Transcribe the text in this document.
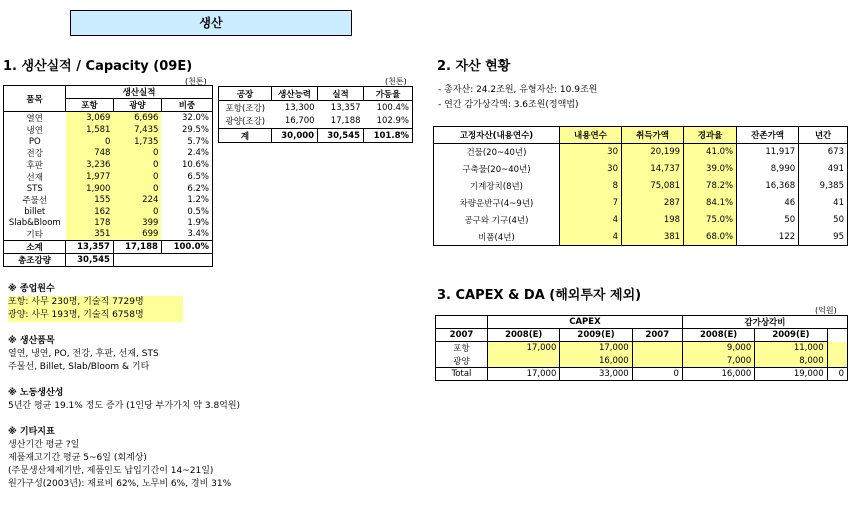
생산
1. 생산실적 / Capacity (09E)
(천톤)
품목	생산실적		
	포항	광양	비중
열연	3,069	6,696	32.0%
냉연	1,581	7,435	29.5%
PO	0	1,735	5.7%
전강	748	0	2.4%
후판	3,236	0	10.6%
선재	1,977	0	6.5%
STS	1,900	0	6.2%
주물선	155	224	1.2%
billet	162	0	0.5%
Slab&Bloom	178	399	1.9%
기타	351	699	3.4%
소계	13,357	17,188	100.0%
총조강량	30,545		
(천톤)
공장	생산능력	실적	가동율
포항(조강)	13,300	13,357	100.4%
광양(조강)	16,700	17,188	102.9%
계	30,000	30,545	101.8%
※ 종업원수
포항: 사무 230명, 기술직 7729명
광양: 사무 193명, 기술직 6758명
※ 생산품목
열연, 냉연, PO, 전강, 후판, 선재, STS
주물선, Billet, Slab/Bloom & 기타
※ 노동생산성
5년간 평균 19.1% 정도 증가 (1인당 부가가치 약 3.8억원)
※ 기타지표
생산기간 평균 ?일
제품재고기간 평균 5~6일 (회계상)
(주문생산체제기반, 제품인도 납입기간이 14~21일)
원가구성(2003년): 재료비 62%, 노무비 6%, 경비 31%
2. 자산 현황
- 총자산: 24.2조원, 유형자산: 10.9조원
- 연간 감가상각액: 3.6조원(정액법)
고정자산(내용연수)	내용연수	취득가액	경과율	잔존가액	년간
건물(20~40년)	30	20,199	41.0%	11,917	673
구축물(20~40년)	30	14,737	39.0%	8,990	491
기계장치(8년)	8	75,081	78.2%	16,368	9,385
차량운반구(4~9년)	7	287	84.1%	46	41
공구와 기구(4년)	4	198	75.0%	50	50
비품(4년)	4	381	68.0%	122	95
3. CAPEX & DA (해외투자 제외)
(억원)
	CAPEX			감가상각비		
2007	2008(E)	2009(E)	2007	2008(E)	2009(E)	
포항	17,000	17,000		9,000	11,000	
광양		16,000		7,000	8,000	
Total	17,000	33,000	0	16,000	19,000	0
